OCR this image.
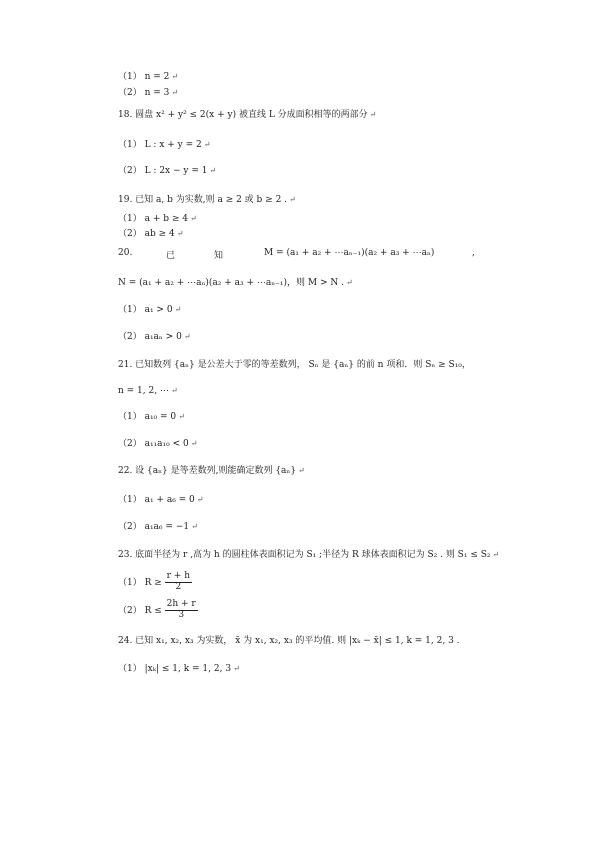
（1） n = 2 ↵
（2） n = 3 ↵
18. 圆盘 x² + y² ≤ 2(x + y) 被直线 L 分成面积相等的两部分 ↵
（1） L : x + y = 2 ↵
（2） L : 2x − y = 1 ↵
19. 已知 a, b 为实数,则 a ≥ 2 或 b ≥ 2 . ↵
（1） a + b ≥ 4 ↵
（2） ab ≥ 4 ↵
20.	已	知	M = (a₁ + a₂ + ⋯aₙ₋₁)(a₂ + a₃ + ⋯aₙ)	,
N = (a₁ + a₂ + ⋯aₙ)(a₂ + a₃ + ⋯aₙ₋₁)，则 M > N . ↵
（1） a₁ > 0 ↵
（2） a₁aₙ > 0 ↵
21. 已知数列 {aₙ} 是公差大于零的等差数列， Sₙ 是 {aₙ} 的前 n 项和．则 Sₙ ≥ S₁₀，
n = 1, 2, ⋯ ↵
（1） a₁₀ = 0 ↵
（2） a₁₁a₁₀ < 0 ↵
22. 设 {aₙ} 是等差数列,则能确定数列 {aₙ} ↵
（1） a₁ + a₆ = 0 ↵
（2） a₁a₆ = −1 ↵
23. 底面半径为 r ,高为 h 的圆柱体表面积记为 S₁ ;半径为 R 球体表面积记为 S₂ . 则 S₁ ≤ S₂ ↵
（1） $R \ge \frac{r + h}{2}$
（2） $R \le \frac{2h + r}{3}$
24. 已知 x₁, x₂, x₃ 为实数， x̄ 为 x₁, x₂, x₃ 的平均值. 则 |xₖ − x̄| ≤ 1, k = 1, 2, 3 .
（1） |xₖ| ≤ 1, k = 1, 2, 3 ↵
